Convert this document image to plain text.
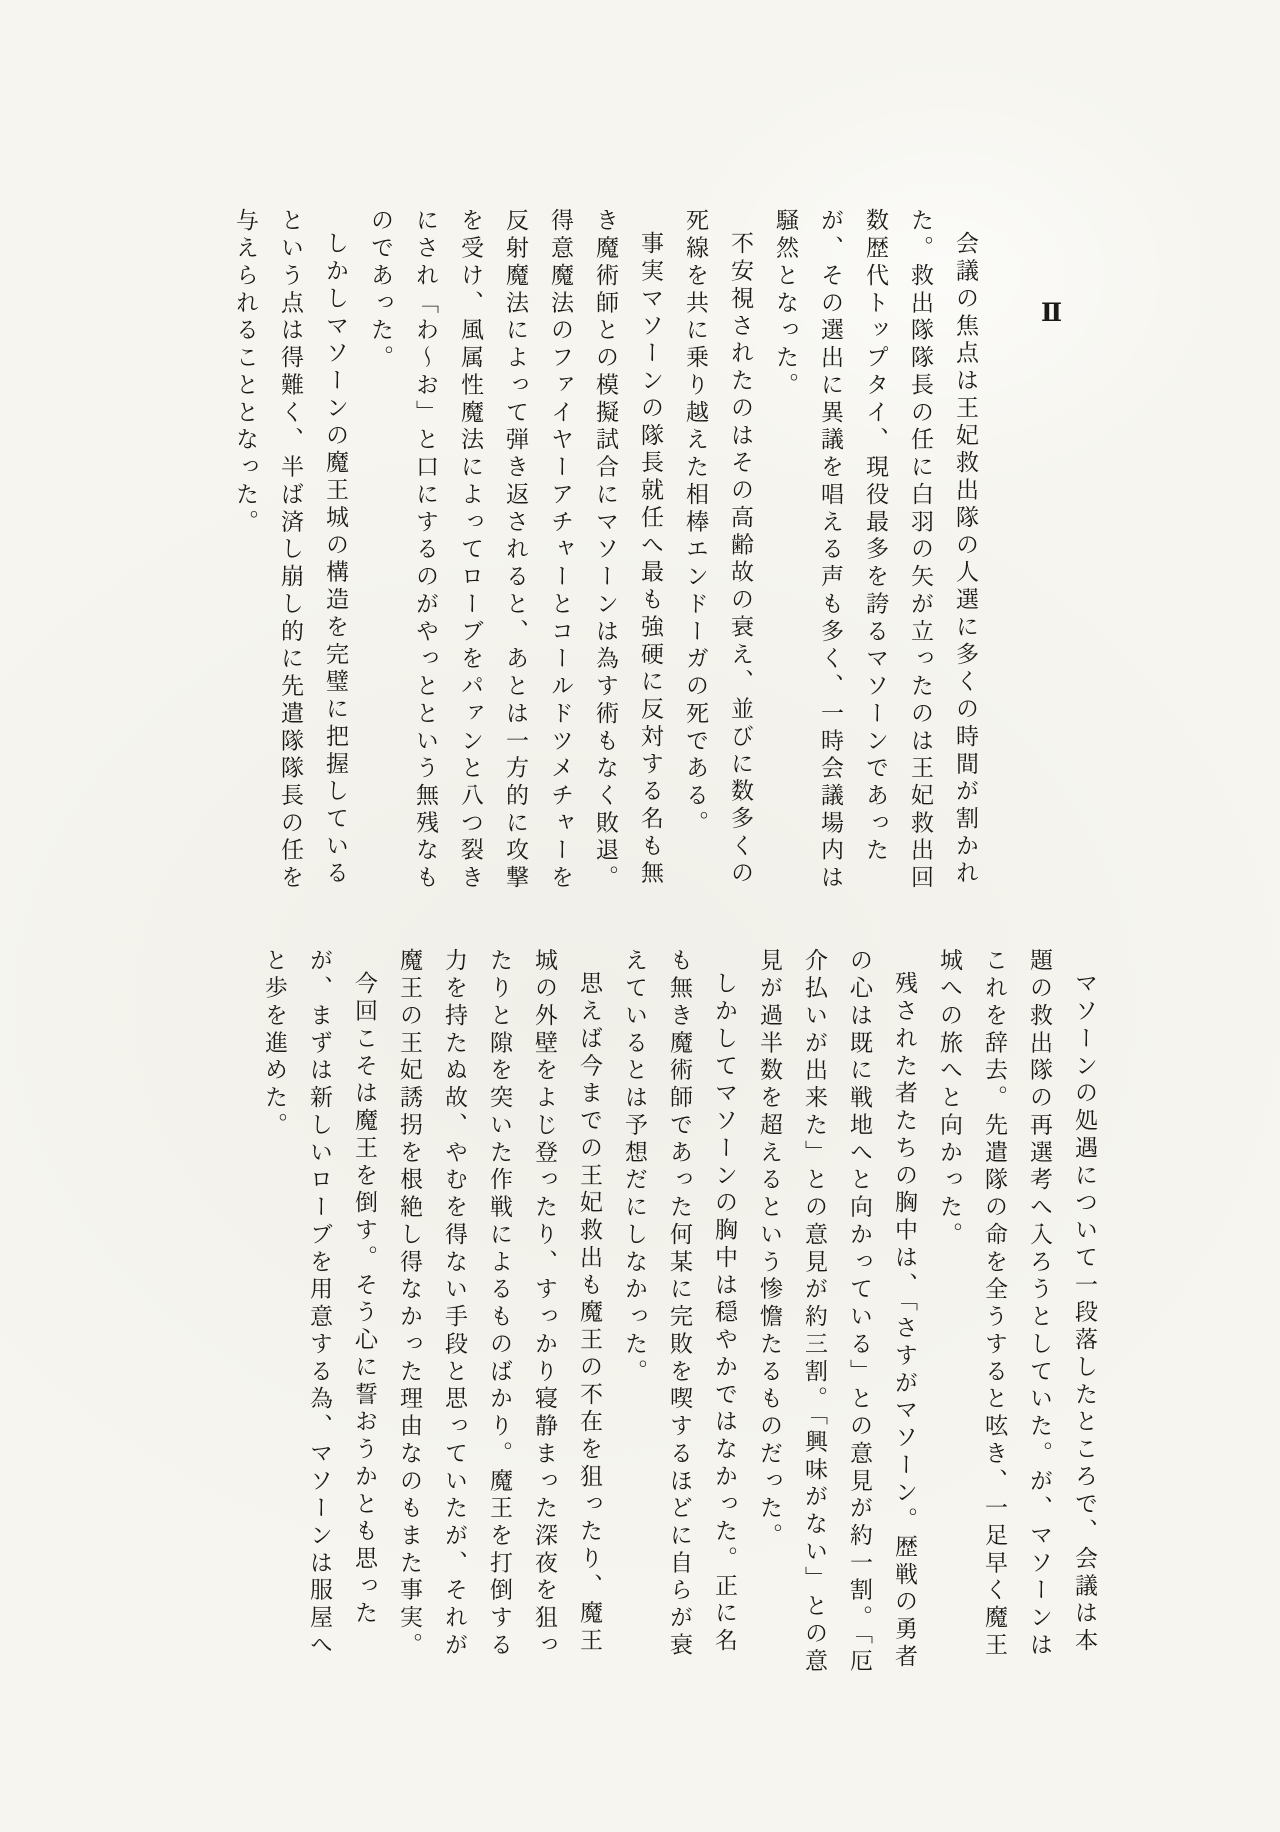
Ⅱ

会議の焦点は王妃救出隊の人選に多くの時間が割かれた。救出隊隊長の任に白羽の矢が立ったのは王妃救出回数歴代トップタイ、現役最多を誇るマソーンであったが、その選出に異議を唱える声も多く、一時会議場内は騒然となった。

不安視されたのはその高齢故の衰え、並びに数多くの死線を共に乗り越えた相棒エンドーガの死である。

事実マソーンの隊長就任へ最も強硬に反対する名も無き魔術師との模擬試合にマソーンは為す術もなく敗退。得意魔法のファイヤーアチャーとコールドツメチャーを反射魔法によって弾き返されると、あとは一方的に攻撃を受け、風属性魔法によってローブをパァンと八つ裂きにされ「わ〜お」と口にするのがやっとという無残なものであった。

しかしマソーンの魔王城の構造を完璧に把握しているという点は得難く、半ば済し崩し的に先遣隊隊長の任を与えられることとなった。

マソーンの処遇について一段落したところで、会議は本題の救出隊の再選考へ入ろうとしていた。が、マソーンはこれを辞去。先遣隊の命を全うすると呟き、一足早く魔王城への旅へと向かった。

残された者たちの胸中は、「さすがマソーン。歴戦の勇者の心は既に戦地へと向かっている」との意見が約一割。「厄介払いが出来た」との意見が約三割。「興味がない」との意見が過半数を超えるという惨憺たるものだった。

しかしてマソーンの胸中は穏やかではなかった。正に名も無き魔術師であった何某に完敗を喫するほどに自らが衰えているとは予想だにしなかった。

思えば今までの王妃救出も魔王の不在を狙ったり、魔王城の外壁をよじ登ったり、すっかり寝静まった深夜を狙ったりと隙を突いた作戦によるものばかり。魔王を打倒する力を持たぬ故、やむを得ない手段と思っていたが、それが魔王の王妃誘拐を根絶し得なかった理由なのもまた事実。

今回こそは魔王を倒す。そう心に誓おうかとも思ったが、まずは新しいローブを用意する為、マソーンは服屋へと歩を進めた。
